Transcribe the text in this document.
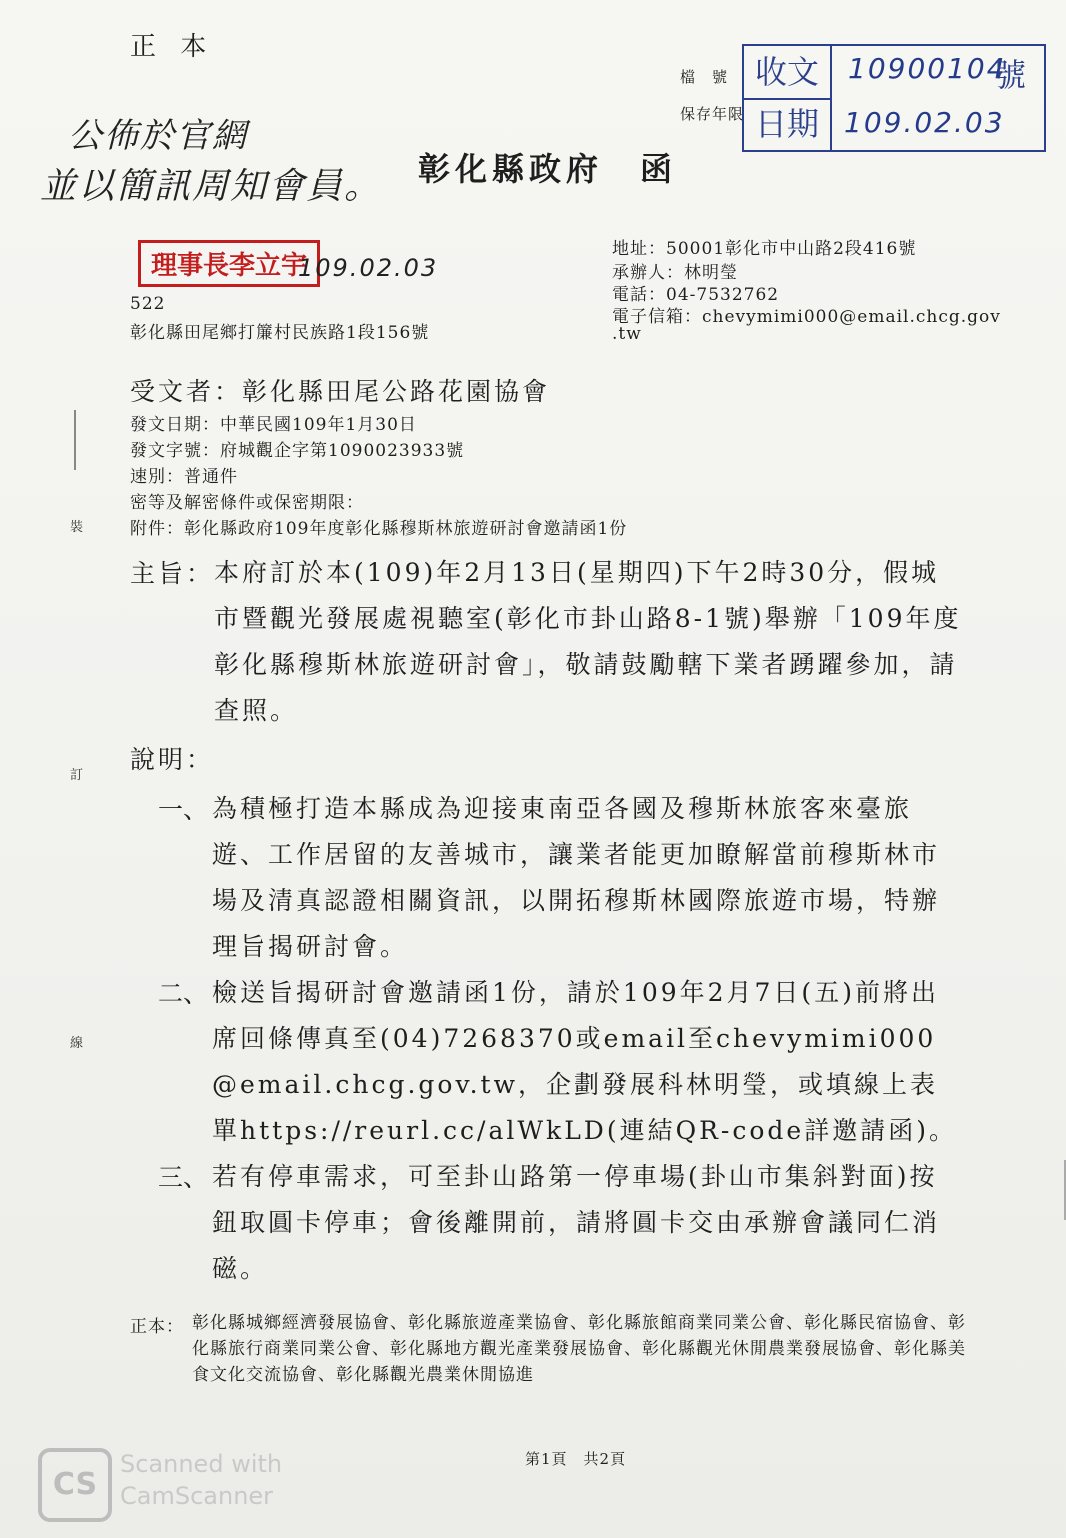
正 本
檔　號
保存年限
收文	10900104
號
日期 109.02.03
公佈於官網
並以簡訊周知會員。 彰化縣政府　函
理事長李立宇
109.02.03
522
彰化縣田尾鄉打簾村民族路1段156號
地址：50001彰化市中山路2段416號
承辦人：林明瑩
電話：04-7532762
電子信箱：chevymimi000@email.chcg.gov
.tw
受文者：彰化縣田尾公路花園協會
發文日期：中華民國109年1月30日
發文字號：府城觀企字第1090023933號
速別：普通件
密等及解密條件或保密期限：
附件：彰化縣政府109年度彰化縣穆斯林旅遊研討會邀請函1份
主旨： 本府訂於本(109)年2月13日(星期四)下午2時30分，假城市暨觀光發展處視聽室(彰化市卦山路8-1號)舉辦「109年度彰化縣穆斯林旅遊研討會」，敬請鼓勵轄下業者踴躍參加，請查照。
說明：
一、 為積極打造本縣成為迎接東南亞各國及穆斯林旅客來臺旅遊、工作居留的友善城市，讓業者能更加瞭解當前穆斯林市場及清真認證相關資訊，以開拓穆斯林國際旅遊市場，特辦理旨揭研討會。
二、 檢送旨揭研討會邀請函1份，請於109年2月7日(五)前將出席回條傳真至(04)7268370或email至chevymimi000@email.chcg.gov.tw，企劃發展科林明瑩，或填線上表單https://reurl.cc/alWkLD(連結QR-code詳邀請函)。
三、 若有停車需求，可至卦山路第一停車場(卦山市集斜對面)按鈕取圓卡停車；會後離開前，請將圓卡交由承辦會議同仁消磁。
正本： 彰化縣城鄉經濟發展協會、彰化縣旅遊產業協會、彰化縣旅館商業同業公會、彰化縣民宿協會、彰化縣旅行商業同業公會、彰化縣地方觀光產業發展協會、彰化縣觀光休閒農業發展協會、彰化縣美食文化交流協會、彰化縣觀光農業休閒協進
第1頁　共2頁
裝
訂
線
CS
Scanned with
CamScanner
